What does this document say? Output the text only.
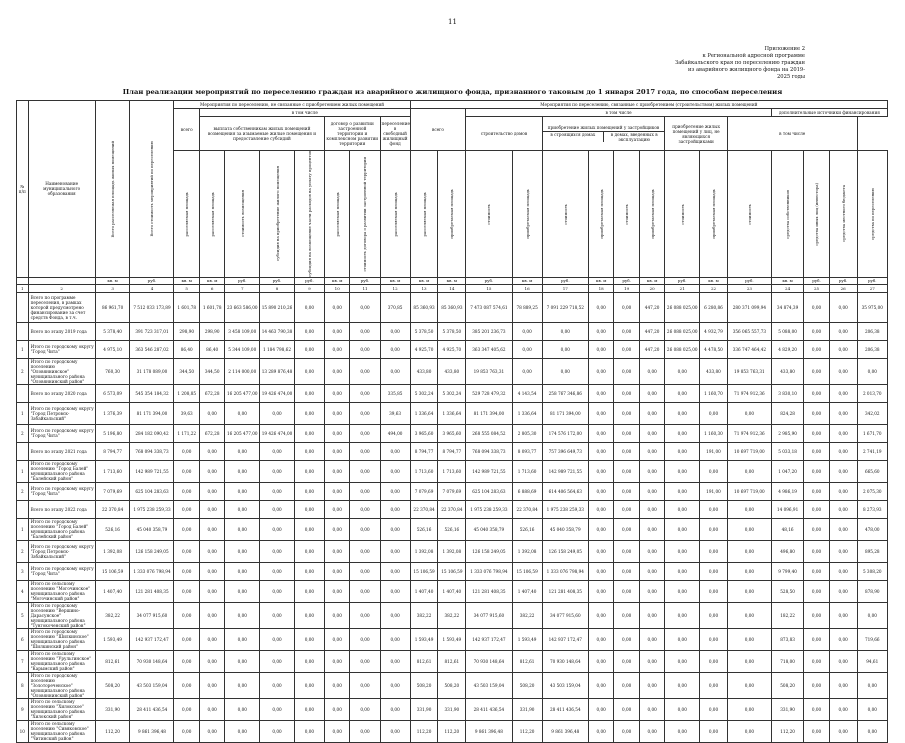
11
Приложение 2
к Региональной адресной программе
Забайкальского края по переселению граждан
из аварийного жилищного фонда на 2019-
2025 годы
План реализации мероприятий по переселению граждан из аварийного жилищного фонда, признанного таковым до 1 января 2017 года, по способам переселения
№ п/п	Наименование муниципального образования	Всего расселяемая площадь жилых помещений	Всего стоимость мероприятий по переселению	Мероприятия по переселению, не связанные с приобретением жилых помещений								Мероприятия по переселению, связанные с приобретением (строительством) жилых помещений														
				всего	в том числе							всего		в том числе									дополнительные источники финансирования			
					выплата собственникам жилых помещений возмещения за изымаемые жилые помещения и предоставление субсидий				договор о развитии застроенной территории и комплексном развитии территории		переселение в свободный жилищный фонд			строительство домов		приобретение жилых помещений у застройщиков
в строящихся домах в домах, введенных в эксплуатацию				приобретение жилых помещений у лиц, не являющихся застройщиками		в том числе				

				расселяемая площадь	расселяемая площадь	стоимость возмещения	субсидия на приобретение жилого помещения	субсидия на возмещение части расходов на уплату процентов	расселяемая площадь	стоимость договора о развитии застроенной территории	расселяемая площадь	расселяемая площадь	приобретаемая площадь	стоимость	приобретаемая площадь	стоимость	приобретаемая площадь	стоимость	приобретаемая площадь	стоимость	приобретаемая площадь	стоимость	средства собственников	средства иных лиц (инвестора)	средства местного бюджета	средства по переселению

		кв. м	руб.	кв. м	кв. м	руб.	руб.	руб.	кв. м	руб.	кв. м	кв. м	кв. м	руб.	кв. м	руб.	кв. м	руб.	кв. м	руб.	кв. м	руб.	кв. м	руб.	руб.	руб.
1	2	3	4	5	6	7	8	9	10	11	12	13	14	15	16	17	18	19	20	21	22	23	24	25	26	27
	Всего по программе переселения, в рамках которой предусмотрено финансирование за счет средств Фонда, в т.ч.	86 961,70	7 512 033 173,89	1 601,78	1 601,78	23 663 586,00	15 890 210,26	0,00	0,00	0,00	370,85	85 360,93	85 360,93	7 473 087 574,61	78 889,25	7 091 229 718,52	0,00	0,00	447,20	26 088 025,00	6 280,86	280 371 099,94	34 874,39	0,00	0,00	35 975,00
	Всего по этапу 2019 года	5 378,40	391 723 317,01	298,90	298,90	3 458 109,00	14 463 790,38	0,00	0,00	0,00	0,00	5 378,50	5 378,50	385 201 236,73	0,00	0,00	0,00	0,00	447,20	26 088 025,00	4 932,79	356 065 557,73	5 088,00	0,00	0,00	206,38
1	Итого по городскому округу "Город Чита"	4 975,10	363 546 287,02	86,40	86,40	5 344 109,00	1 184 798,62	0,00	0,00	0,00	0,00	4 925,70	4 925,70	363 347 405,62	0,00	0,00	0,00	0,00	447,20	26 088 025,00	4 478,50	336 747 464,42	4 829,20	0,00	0,00	206,38
2	Итого по городскому поселению "Оловяннинское" муниципального района "Оловяннинский район"	760,30	31 178 089,00	344,50	344,50	2 114 000,00	13 289 876,48	0,00	0,00	0,00	0,00	433,80	433,80	19 853 763,31	0,00	0,00	0,00	0,00	0,00	0,00	433,80	19 853 763,31	433,80	0,00	0,00	0,00
	Всего по этапу 2020 года	6 573,09	545 354 184,32	1 208,85	672,28	16 205 477,00	19 426 474,00	0,00	0,00	0,00	335,85	5 302,24	5 302,24	529 728 479,32	4 143,54	258 767 346,86	0,00	0,00	0,00	0,00	1 160,70	71 974 912,36	3 830,10	0,00	0,00	2 013,70
1	Итого по городскому округу "Город Петровск-Забайкальский"	1 376,39	81 171 394,00	39,63	0,00	0,00	0,00	0,00	0,00	0,00	39,63	1 336,64	1 336,64	81 171 394,00	1 336,64	81 171 394,00	0,00	0,00	0,00	0,00	0,00	0,00	824,28	0,00	0,00	342,02
2	Итого по городскому округу "Город Чита"	5 196,80	284 182 090,42	1 171,22	672,28	16 205 477,00	19 426 474,00	0,00	0,00	0,00	494,00	3 965,60	3 965,60	268 555 084,52	2 805,30	174 576 172,00	0,00	0,00	0,00	0,00	1 160,30	71 974 912,36	2 985,90	0,00	0,00	1 671,70
	Всего по этапу 2021 года	8 794,77	768 094 338,73	0,00	0,00	0,00	0,00	0,00	0,00	0,00	0,00	8 794,77	8 794,77	768 094 338,73	8 093,77	757 396 649,73	0,00	0,00	0,00	0,00	191,00	10 697 719,00	5 033,18	0,00	0,00	2 741,19
1	Итого по городскому поселению "Город Балей" муниципального района "Балейский район"	1 713,60	142 989 721,55	0,00	0,00	0,00	0,00	0,00	0,00	0,00	0,00	1 713,60	1 713,60	142 989 721,55	1 713,60	142 989 721,55	0,00	0,00	0,00	0,00	0,00	0,00	1 047,20	0,00	0,00	665,60
2	Итого по городскому округу "Город Чита"	7 079,69	625 104 283,63	0,00	0,00	0,00	0,00	0,00	0,00	0,00	0,00	7 079,69	7 079,69	625 104 283,63	6 888,69	614 406 564,63	0,00	0,00	0,00	0,00	191,00	10 697 719,00	4 986,19	0,00	0,00	2 075,30
	Всего по этапу 2022 года	22 370,84	1 975 238 259,33	0,00	0,00	0,00	0,00	0,00	0,00	0,00	0,00	22 370,84	22 370,84	1 975 238 259,33	22 370,84	1 975 238 259,33	0,00	0,00	0,00	0,00	0,00	0,00	14 096,91	0,00	0,00	8 273,93
1	Итого по городскому поселению "Город Балей" муниципального района "Балейский район"	526,16	45 040 358,79	0,00	0,00	0,00	0,00	0,00	0,00	0,00	0,00	526,16	526,16	45 040 358,79	526,16	45 040 358,79	0,00	0,00	0,00	0,00	0,00	0,00	48,16	0,00	0,00	478,00
2	Итого по городскому округу "Город Петровск-Забайкальский"	1 392,08	126 158 249,05	0,00	0,00	0,00	0,00	0,00	0,00	0,00	0,00	1 392,08	1 392,08	126 158 249,05	1 392,08	126 158 249,05	0,00	0,00	0,00	0,00	0,00	0,00	496,80	0,00	0,00	895,28
3	Итого по городскому округу "Город Чита"	15 106,59	1 333 076 798,94	0,00	0,00	0,00	0,00	0,00	0,00	0,00	0,00	15 106,59	15 106,59	1 333 076 798,94	15 106,59	1 333 076 798,94	0,00	0,00	0,00	0,00	0,00	0,00	9 799,40	0,00	0,00	5 308,20
4	Итого по сельскому поселению "Могочинское" муниципального района "Могочинский район"	1 407,40	121 281 408,35	0,00	0,00	0,00	0,00	0,00	0,00	0,00	0,00	1 407,40	1 407,40	121 281 408,35	1 407,40	121 281 408,35	0,00	0,00	0,00	0,00	0,00	0,00	528,50	0,00	0,00	878,90
5	Итого по городскому поселению "Вершино-Дарасунское" муниципального района "Тунгокоченский район"	382,22	34 077 915,60	0,00	0,00	0,00	0,00	0,00	0,00	0,00	0,00	382,22	382,22	34 077 915,60	382,22	34 077 915,60	0,00	0,00	0,00	0,00	0,00	0,00	182,22	0,00	0,00	0,00
6	Итого по городскому поселению "Шилкинское" муниципального района "Шилкинский район"	1 593,49	142 937 172,47	0,00	0,00	0,00	0,00	0,00	0,00	0,00	0,00	1 593,49	1 593,49	142 937 172,47	1 593,49	142 937 172,47	0,00	0,00	0,00	0,00	0,00	0,00	873,83	0,00	0,00	719,66
7	Итого по сельскому поселению "Урульгинское" муниципального района "Карымский район"	812,61	70 930 148,64	0,00	0,00	0,00	0,00	0,00	0,00	0,00	0,00	812,61	812,61	70 930 148,64	812,61	70 930 148,64	0,00	0,00	0,00	0,00	0,00	0,00	718,00	0,00	0,00	94,61
8	Итого по городскому поселению "Золотореченское" муниципального района "Оловяннинский район"	508,20	43 503 159,04	0,00	0,00	0,00	0,00	0,00	0,00	0,00	0,00	508,20	508,20	43 503 159,04	508,20	43 503 159,04	0,00	0,00	0,00	0,00	0,00	0,00	508,20	0,00	0,00	0,00
9	Итого по сельскому поселению "Хилокское" муниципального района "Хилокский район"	331,90	28 411 436,54	0,00	0,00	0,00	0,00	0,00	0,00	0,00	0,00	331,90	331,90	28 411 436,54	331,90	28 411 436,54	0,00	0,00	0,00	0,00	0,00	0,00	331,90	0,00	0,00	0,00
10	Итого по сельскому поселению "Сивяковское" муниципального района "Читинский район"	112,20	9 861 396,48	0,00	0,00	0,00	0,00	0,00	0,00	0,00	0,00	112,20	112,20	9 861 396,48	112,20	9 861 396,48	0,00	0,00	0,00	0,00	0,00	0,00	112,20	0,00	0,00	0,00
